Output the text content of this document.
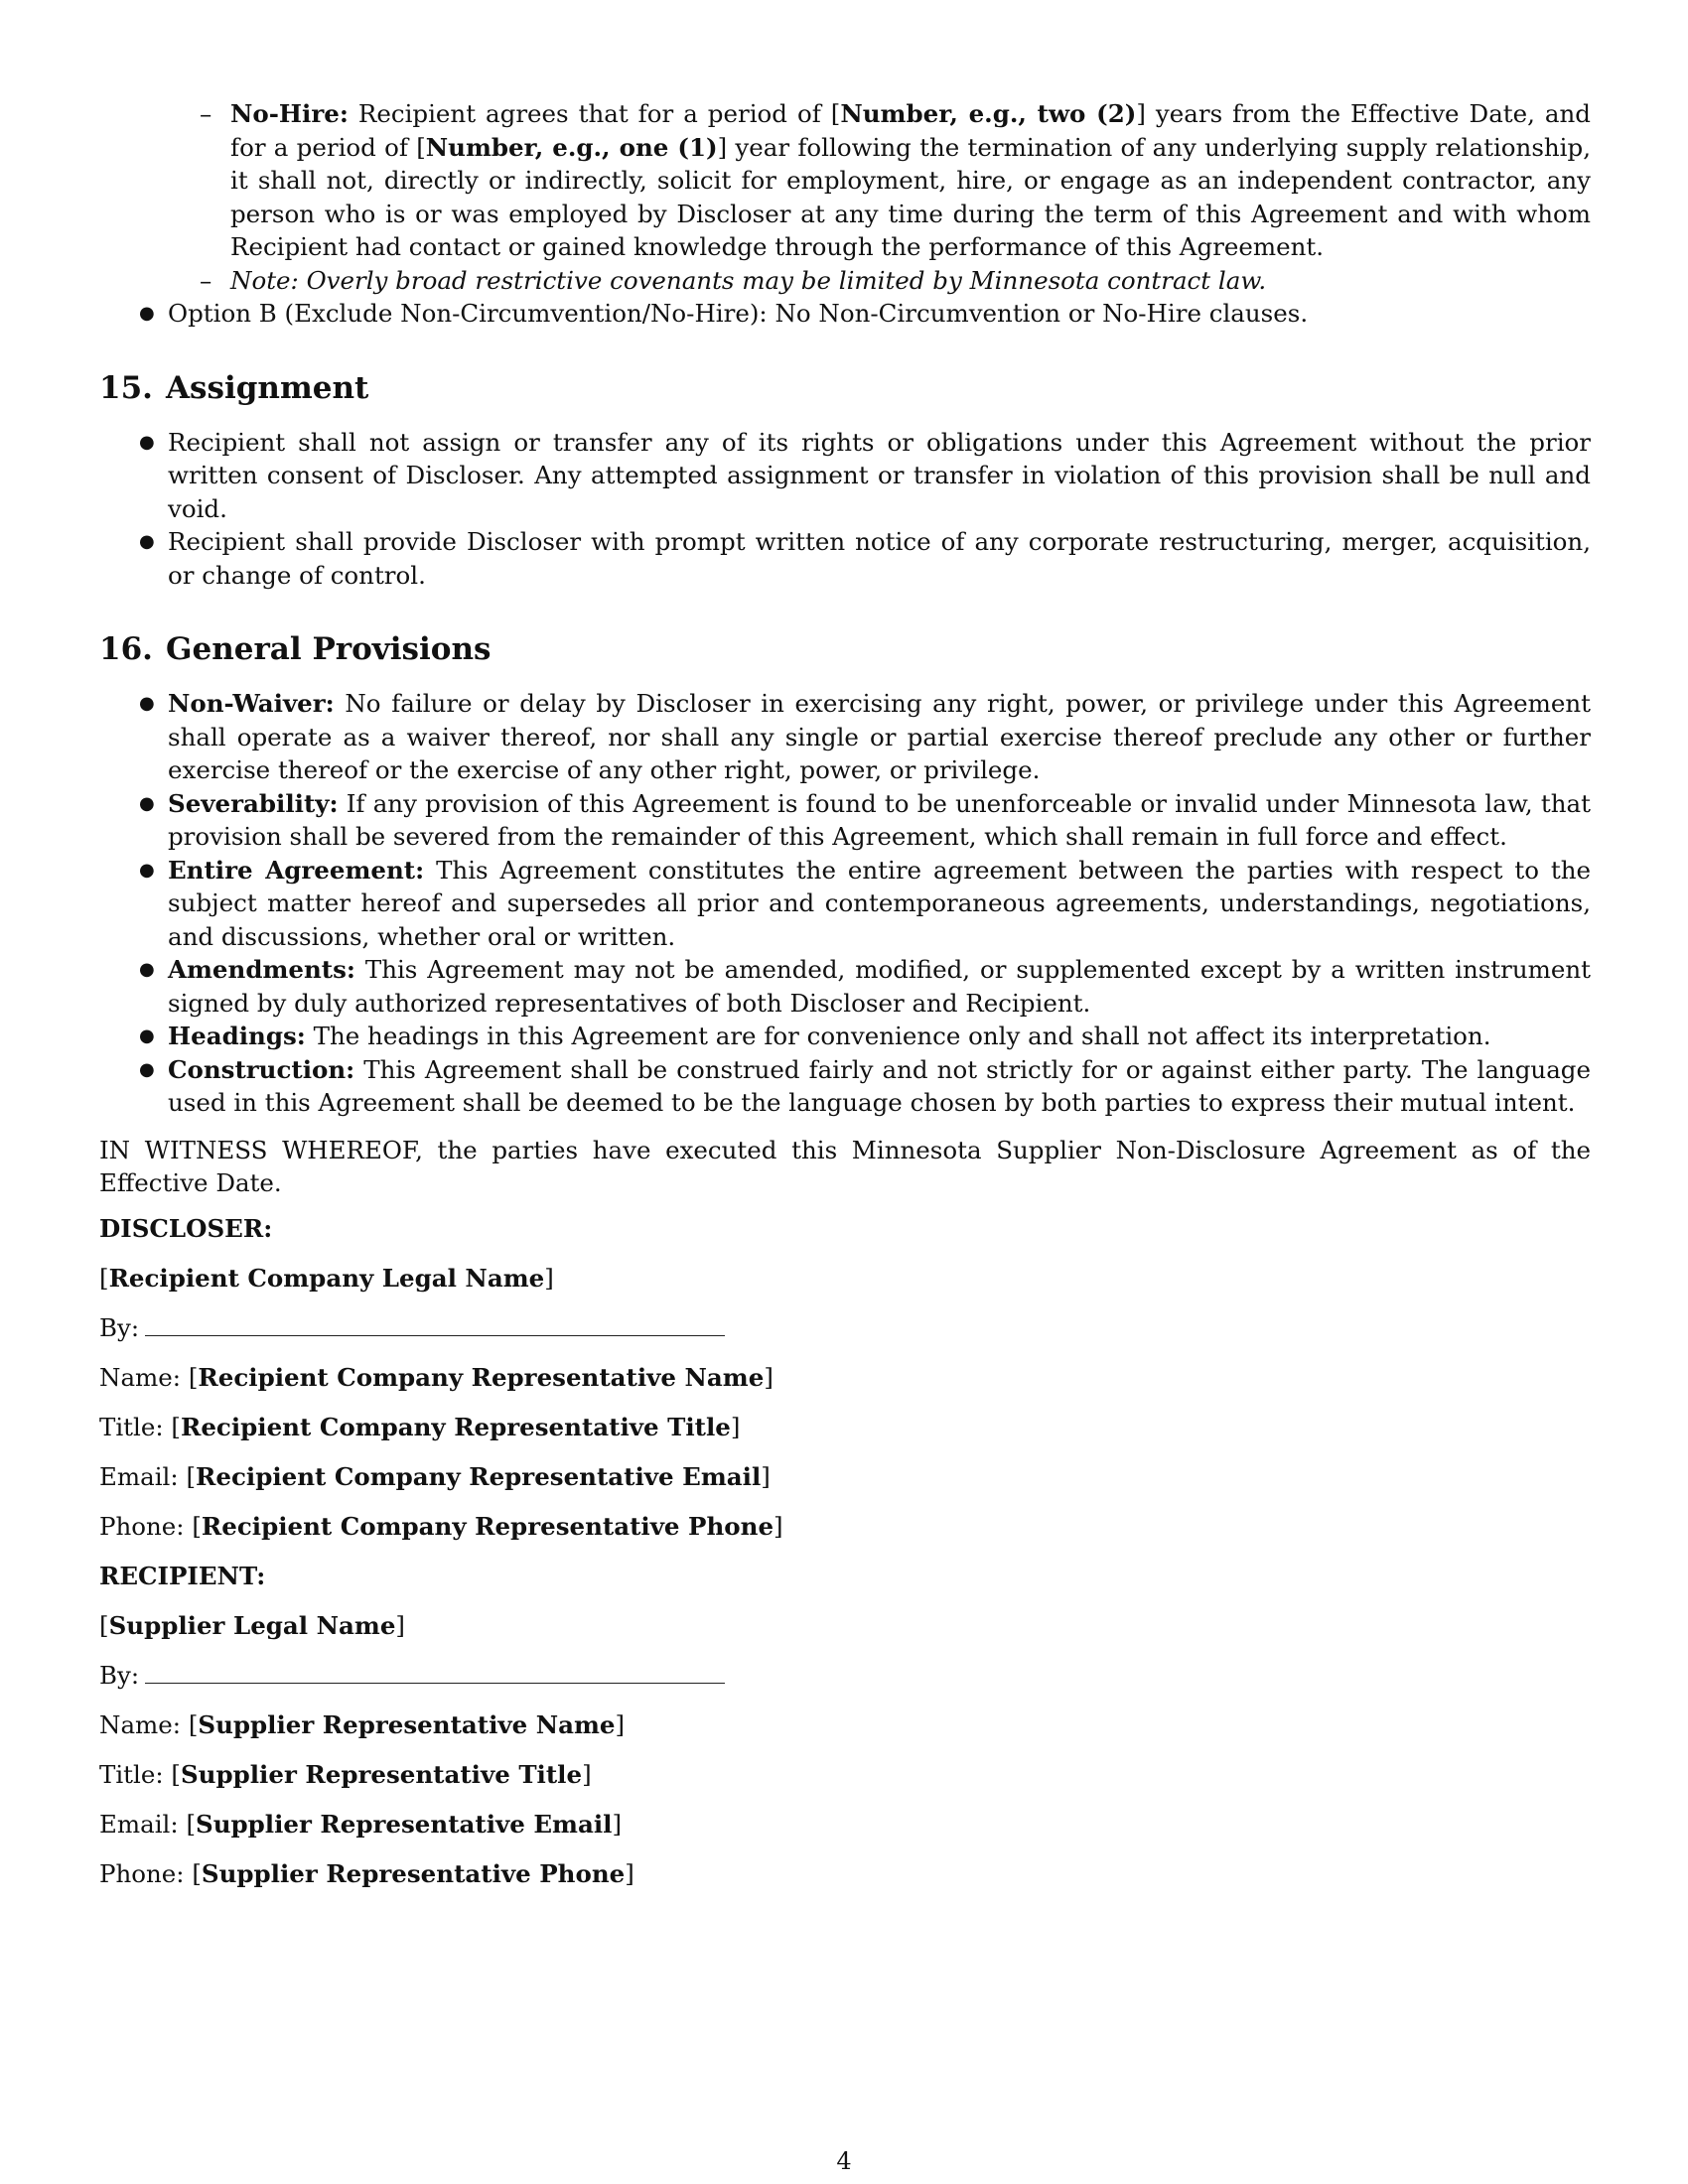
– No-Hire: Recipient agrees that for a period of [Number, e.g., two (2)] years from the Effective Date, and for a period of [Number, e.g., one (1)] year following the termination of any underlying supply relationship, it shall not, directly or indirectly, solicit for employment, hire, or engage as an independent contractor, any person who is or was employed by Discloser at any time during the term of this Agreement and with whom Recipient had contact or gained knowledge through the performance of this Agreement.
– Note: Overly broad restrictive covenants may be limited by Minnesota contract law.
● Option B (Exclude Non-Circumvention/No-Hire): No Non-Circumvention or No-Hire clauses.
15. Assignment
● Recipient shall not assign or transfer any of its rights or obligations under this Agreement without the prior written consent of Discloser. Any attempted assignment or transfer in violation of this provision shall be null and void.
● Recipient shall provide Discloser with prompt written notice of any corporate restructuring, merger, acquisition, or change of control.
16. General Provisions
● Non-Waiver: No failure or delay by Discloser in exercising any right, power, or privilege under this Agreement shall operate as a waiver thereof, nor shall any single or partial exercise thereof preclude any other or further exercise thereof or the exercise of any other right, power, or privilege.
● Severability: If any provision of this Agreement is found to be unenforceable or invalid under Minnesota law, that provision shall be severed from the remainder of this Agreement, which shall remain in full force and effect.
● Entire Agreement: This Agreement constitutes the entire agreement between the parties with respect to the subject matter hereof and supersedes all prior and contemporaneous agreements, understandings, negotiations, and discussions, whether oral or written.
● Amendments: This Agreement may not be amended, modified, or supplemented except by a written instrument signed by duly authorized representatives of both Discloser and Recipient.
● Headings: The headings in this Agreement are for convenience only and shall not affect its interpretation.
● Construction: This Agreement shall be construed fairly and not strictly for or against either party. The language used in this Agreement shall be deemed to be the language chosen by both parties to express their mutual intent.

IN WITNESS WHEREOF, the parties have executed this Minnesota Supplier Non-Disclosure Agreement as of the Effective Date.

DISCLOSER:
[Recipient Company Legal Name]
By:
Name: [Recipient Company Representative Name]
Title: [Recipient Company Representative Title]
Email: [Recipient Company Representative Email]
Phone: [Recipient Company Representative Phone]
RECIPIENT:
[Supplier Legal Name]
By:
Name: [Supplier Representative Name]
Title: [Supplier Representative Title]
Email: [Supplier Representative Email]
Phone: [Supplier Representative Phone]
4
